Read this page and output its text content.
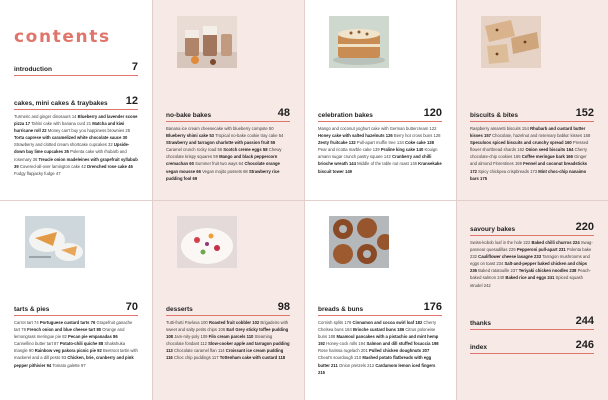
contents
introduction	7
cakes, mini cakes & traybakes 12
Turmeric and ginger dinosaurs 14 Blueberry and lavender scone pizza 17 Tahini cake with banana curd 21 Matcha and kiwi hurricane roll 22 Money can't buy you happiness brownies 25 Torta caprese with caramelized white chocolate sauce 30 Strawberry and clotted cream shortcake cupcakes 32 Upside-down bay lime cupcakes 35 Polenta cake with rhubarb and rosemary 36 Treacle onion madeleines with grapefruit syllabub 39 Covered-all-over lamington cake 42 Drenched rose cake 46 Fudgy flapjacky fudge 47
no-bake bakes	48
Banana ice cream cheesecake with blueberry compote 50 Blueberry shimi cake 53 Tropical no-bake cookie tray cake 54 Strawberry and tarragon charlotte with passion fruit 55 Caramel crunch rocky road 56 Scotch creme eggs 58 Chewy chocolate krispy squares 59 Mango and black peppercorn cremachan 60 Summer fruit two ways 64 Chocolate orange vegan mousse 66 Vegan mojito possets 68 Strawberry rice pudding fool 69
celebration bakes	120
Mango and coconut yoghurt cake with German buttercream 122 Honey cake with salted hazelnuts 126 Berry hot cross buns 128 Zesty fruitcake 132 Pull-apart muffin tree 134 Coke cake 138 Pear and ricotta marble cake 139 Praline king cake 140 Kouign amann sugar crunch pastry square 142 Cranberry and chilli brioche wreath 144 Middle of the table nut roast 146 Kransekake biscuit tower 149
biscuits & bites	152
Raspberry amaretti biscuits 154 Rhubarb and custard butter kisses 157 Chocolate, hazelnut and rosemary babka' kisses 158 Speculoos spiced biscuits and crunchy spread 160 Pressed flower shortbread shards 162 Onion seed biscuits 164 Cherry chocolate-chip cookies 165 Coffee meringue bark 166 Ginger and almond Florentines 169 Fennel and coconut breadsticks 172 Spicy chickpea crispbreads 173 Mint choc-chip nanaimo bars 175
tarts & pies	70
Carrot tart 74 Portuguese custard tarts 76 Grapefruit ganache tart 78 French onion and blue cheese tart 80 Orange and lemongrass meringue pie 82 Pecan pie empanadas 86 Cannellino butter tart 87 Potato-chili quiche 88 Shakshuka triangle 90 Rainbow veg pakora picnic pie 92 Beetroot tartin with mackerel and a dill pesto 93 Chicken, brie, cranberry and pink pepper pithivier 94 Tomato galette 97
desserts	98
Tutti-frutti Pavlova 100 Roasted fruit cobbler 102 Brigadeiro with sweet and salty petits chips 106 Earl Grey sticky toffee pudding 108 Jam-roly-poly 109 Filo cream parcels 110 Steaming chocolate fondant 112 Slow-cooker apple and tarragon pudding 113 Chocolate caramel flan 114 Croissant ice cream pudding 116 Choc chip puddings 117 Tottenham cake with custard 118
breads & buns	176
Cornish splits 178 Cinnamon and cocoa swirl loaf 182 Cherry Chelsea buns 184 Brioche custard buns 186 Citrus poloneise buns 188 Maamoul pancakes with a pistachio and mint hemp 192 Honey-cock rolls 194 Salmon and dill stuffed focaccia 198 Rose harissa rugelach 201 Pulled chicken doughnuts 207 Cheat's sourdough 210 Mashed potato flatbreads with egg butter 211 Onion pretzels 212 Cardamom lemon iced fingers 215
savoury bakes	220
Swiss-kobob loaf in the hole 222 Baked chilli churros 224 Swag-pannear quesadillas 225 Pepperoni pull-apart 231 Polenta bake 232 Cauliflower cheese lasagne 233 Tarragon mushrooms and eggs on toast 234 Salt-and-pepper baked chicken and chips 236 Baked ratatouille 237 Teriyaki chicken noodles 238 Peach-baked salmon 240 Baked rice and eggs 241 Spiced squash strudel 242
thanks	244
index	246
